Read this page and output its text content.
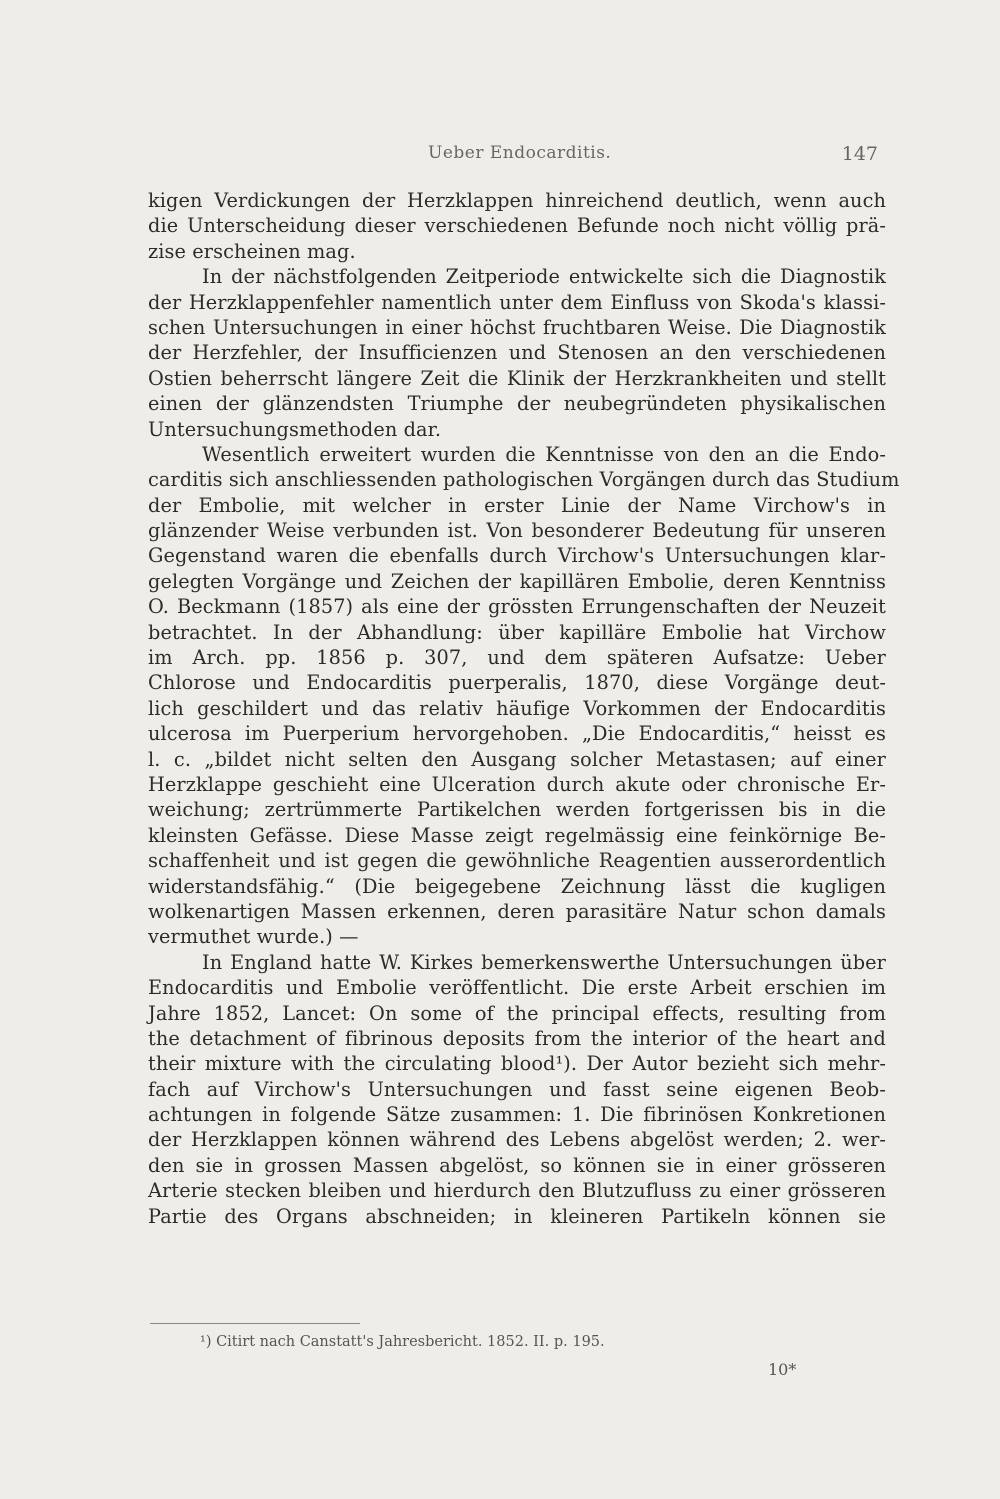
Ueber Endocarditis.	147
kigen Verdickungen der Herzklappen hinreichend deutlich, wenn auch
die Unterscheidung dieser verschiedenen Befunde noch nicht völlig prä-
zise erscheinen mag.
In der nächstfolgenden Zeitperiode entwickelte sich die Diagnostik
der Herzklappenfehler namentlich unter dem Einfluss von Skoda's klassi-
schen Untersuchungen in einer höchst fruchtbaren Weise. Die Diagnostik
der Herzfehler, der Insufficienzen und Stenosen an den verschiedenen
Ostien beherrscht längere Zeit die Klinik der Herzkrankheiten und stellt
einen der glänzendsten Triumphe der neubegründeten physikalischen
Untersuchungsmethoden dar.
Wesentlich erweitert wurden die Kenntnisse von den an die Endo-
carditis sich anschliessenden pathologischen Vorgängen durch das Studium
der Embolie, mit welcher in erster Linie der Name Virchow's in
glänzender Weise verbunden ist. Von besonderer Bedeutung für unseren
Gegenstand waren die ebenfalls durch Virchow's Untersuchungen klar-
gelegten Vorgänge und Zeichen der kapillären Embolie, deren Kenntniss
O. Beckmann (1857) als eine der grössten Errungenschaften der Neuzeit
betrachtet. In der Abhandlung: über kapilläre Embolie hat Virchow
im Arch. pp. 1856 p. 307, und dem späteren Aufsatze: Ueber
Chlorose und Endocarditis puerperalis, 1870, diese Vorgänge deut-
lich geschildert und das relativ häufige Vorkommen der Endocarditis
ulcerosa im Puerperium hervorgehoben. „Die Endocarditis,“ heisst es
l. c. „bildet nicht selten den Ausgang solcher Metastasen; auf einer
Herzklappe geschieht eine Ulceration durch akute oder chronische Er-
weichung; zertrümmerte Partikelchen werden fortgerissen bis in die
kleinsten Gefässe. Diese Masse zeigt regelmässig eine feinkörnige Be-
schaffenheit und ist gegen die gewöhnliche Reagentien ausserordentlich
widerstandsfähig.“ (Die beigegebene Zeichnung lässt die kugligen
wolkenartigen Massen erkennen, deren parasitäre Natur schon damals
vermuthet wurde.) —
In England hatte W. Kirkes bemerkenswerthe Untersuchungen über
Endocarditis und Embolie veröffentlicht. Die erste Arbeit erschien im
Jahre 1852, Lancet: On some of the principal effects, resulting from
the detachment of fibrinous deposits from the interior of the heart and
their mixture with the circulating blood¹). Der Autor bezieht sich mehr-
fach auf Virchow's Untersuchungen und fasst seine eigenen Beob-
achtungen in folgende Sätze zusammen: 1. Die fibrinösen Konkretionen
der Herzklappen können während des Lebens abgelöst werden; 2. wer-
den sie in grossen Massen abgelöst, so können sie in einer grösseren
Arterie stecken bleiben und hierdurch den Blutzufluss zu einer grösseren
Partie des Organs abschneiden; in kleineren Partikeln können sie
¹) Citirt nach Canstatt's Jahresbericht. 1852. II. p. 195.
10*
